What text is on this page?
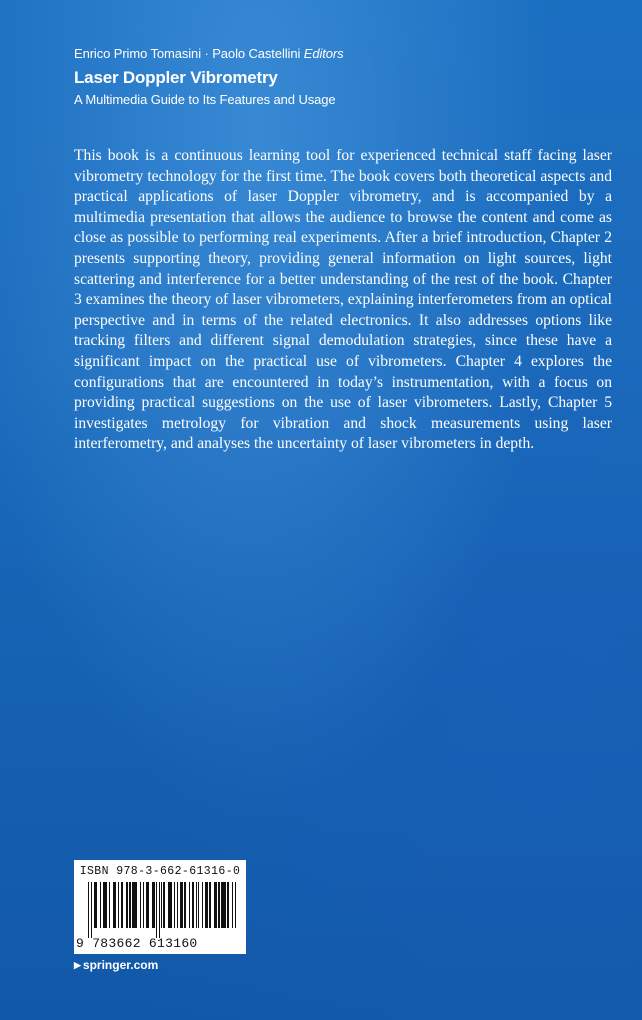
Enrico Primo Tomasini · Paolo Castellini Editors
Laser Doppler Vibrometry
A Multimedia Guide to Its Features and Usage

This book is a continuous learning tool for experienced technical staff facing laser vibrometry technology for the first time. The book covers both theoretical aspects and practical applications of laser Doppler vibrometry, and is accompanied by a multimedia presentation that allows the audience to browse the content and come as close as possible to performing real experiments. After a brief introduction, Chapter 2 presents supporting theory, providing general information on light sources, light scattering and interference for a better understanding of the rest of the book. Chapter 3 examines the theory of laser vibrometers, explaining interferometers from an optical perspective and in terms of the related electronics. It also addresses options like tracking filters and different signal demodulation strategies, since these have a significant impact on the practical use of vibrometers. Chapter 4 explores the configurations that are encountered in today’s instrumentation, with a focus on providing practical suggestions on the use of laser vibrometers. Lastly, Chapter 5 investigates metrology for vibration and shock measurements using laser interferometry, and analyses the uncertainty of laser vibrometers in depth.

ISBN 978-3-662-61316-0
9 783662 613160
▶ springer.com
